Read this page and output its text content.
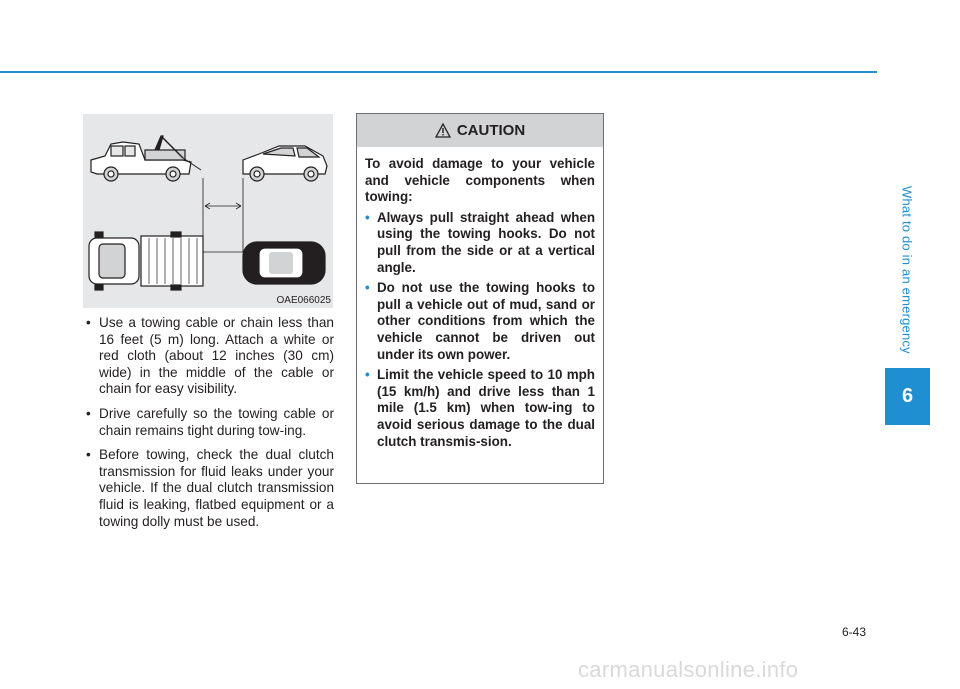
What to do in an emergency
6
OAE066025
• Use a towing cable or chain less than 16 feet (5 m) long. Attach a white or red cloth (about 12 inches (30 cm) wide) in the middle of the cable or chain for easy visibility.
• Drive carefully so the towing cable or chain remains tight during tow-ing.
• Before towing, check the dual clutch transmission for fluid leaks under your vehicle. If the dual clutch transmission fluid is leaking, flatbed equipment or a towing dolly must be used.
CAUTION

To avoid damage to your vehicle and vehicle components when towing:

• Always pull straight ahead when using the towing hooks. Do not pull from the side or at a vertical angle.
• Do not use the towing hooks to pull a vehicle out of mud, sand or other conditions from which the vehicle cannot be driven out under its own power.
• Limit the vehicle speed to 10 mph (15 km/h) and drive less than 1 mile (1.5 km) when tow-ing to avoid serious damage to the dual clutch transmis-sion.
6-43
carmanualsonline.info
